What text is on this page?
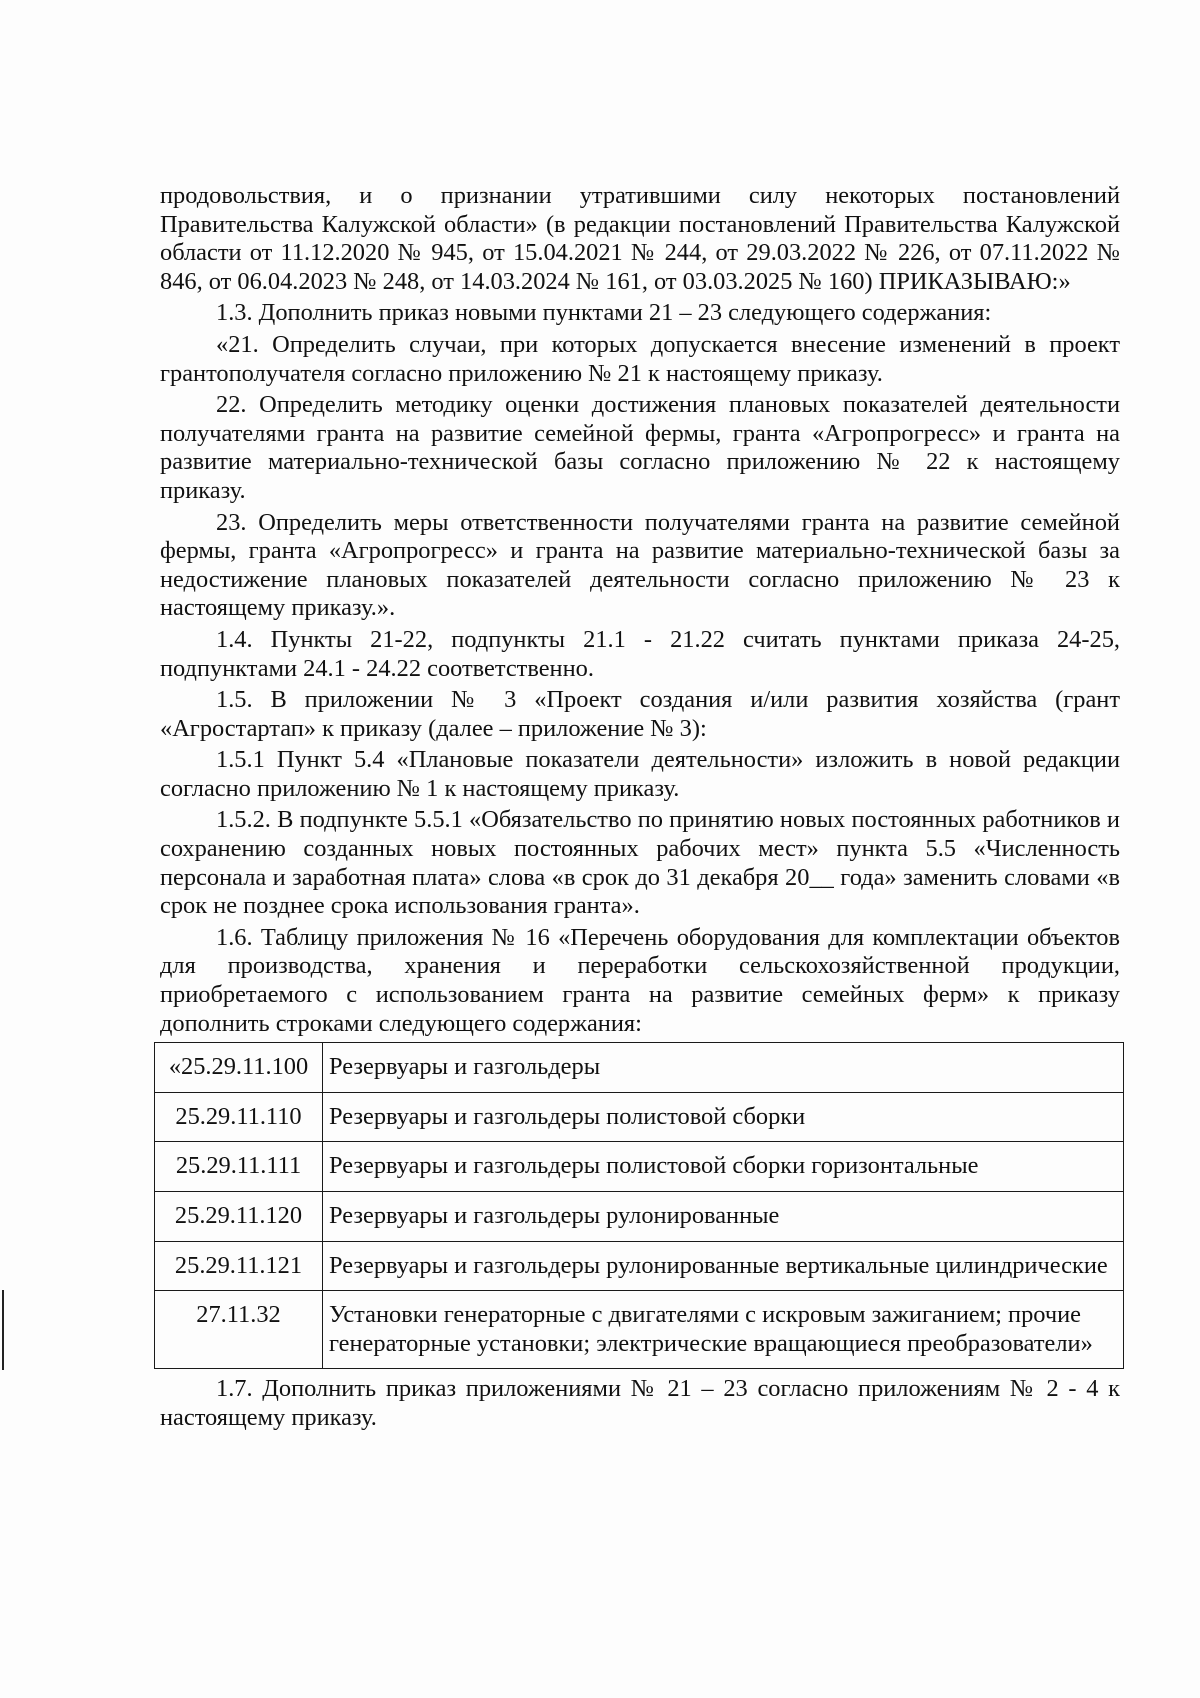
продовольствия, и о признании утратившими силу некоторых постановлений Правительства Калужской области» (в редакции постановлений Правительства Калужской области от 11.12.2020 № 945, от 15.04.2021 № 244, от 29.03.2022 № 226, от 07.11.2022 № 846, от 06.04.2023 № 248, от 14.03.2024 № 161, от 03.03.2025 № 160) ПРИКАЗЫВАЮ:»

1.3. Дополнить приказ новыми пунктами 21 – 23 следующего содержания:

«21. Определить случаи, при которых допускается внесение изменений в проект грантополучателя согласно приложению № 21 к настоящему приказу.

22. Определить методику оценки достижения плановых показателей деятельности получателями гранта на развитие семейной фермы, гранта «Агропрогресс» и гранта на развитие материально-технической базы согласно приложению № 22 к настоящему приказу.

23. Определить меры ответственности получателями гранта на развитие семейной фермы, гранта «Агропрогресс» и гранта на развитие материально-технической базы за недостижение плановых показателей деятельности согласно приложению № 23 к настоящему приказу.».

1.4. Пункты 21-22, подпункты 21.1 - 21.22 считать пунктами приказа 24-25, подпунктами 24.1 - 24.22 соответственно.

1.5. В приложении № 3 «Проект создания и/или развития хозяйства (грант «Агростартап» к приказу (далее – приложение № 3):

1.5.1 Пункт 5.4 «Плановые показатели деятельности» изложить в новой редакции согласно приложению № 1 к настоящему приказу.

1.5.2. В подпункте 5.5.1 «Обязательство по принятию новых постоянных работников и сохранению созданных новых постоянных рабочих мест» пункта 5.5 «Численность персонала и заработная плата» слова «в срок до 31 декабря 20__ года» заменить словами «в срок не позднее срока использования гранта».

1.6. Таблицу приложения № 16 «Перечень оборудования для комплектации объектов для производства, хранения и переработки сельскохозяйственной продукции, приобретаемого с использованием гранта на развитие семейных ферм» к приказу дополнить строками следующего содержания:

«25.29.11.100	Резервуары и газгольдеры
25.29.11.110	Резервуары и газгольдеры полистовой сборки
25.29.11.111	Резервуары и газгольдеры полистовой сборки горизонтальные
25.29.11.120	Резервуары и газгольдеры рулонированные
25.29.11.121	Резервуары и газгольдеры рулонированные вертикальные цилиндрические
27.11.32	Установки генераторные с двигателями с искровым зажиганием; прочие генераторные установки; электрические вращающиеся преобразователи»

1.7. Дополнить приказ приложениями № 21 – 23 согласно приложениям № 2 - 4 к настоящему приказу.
